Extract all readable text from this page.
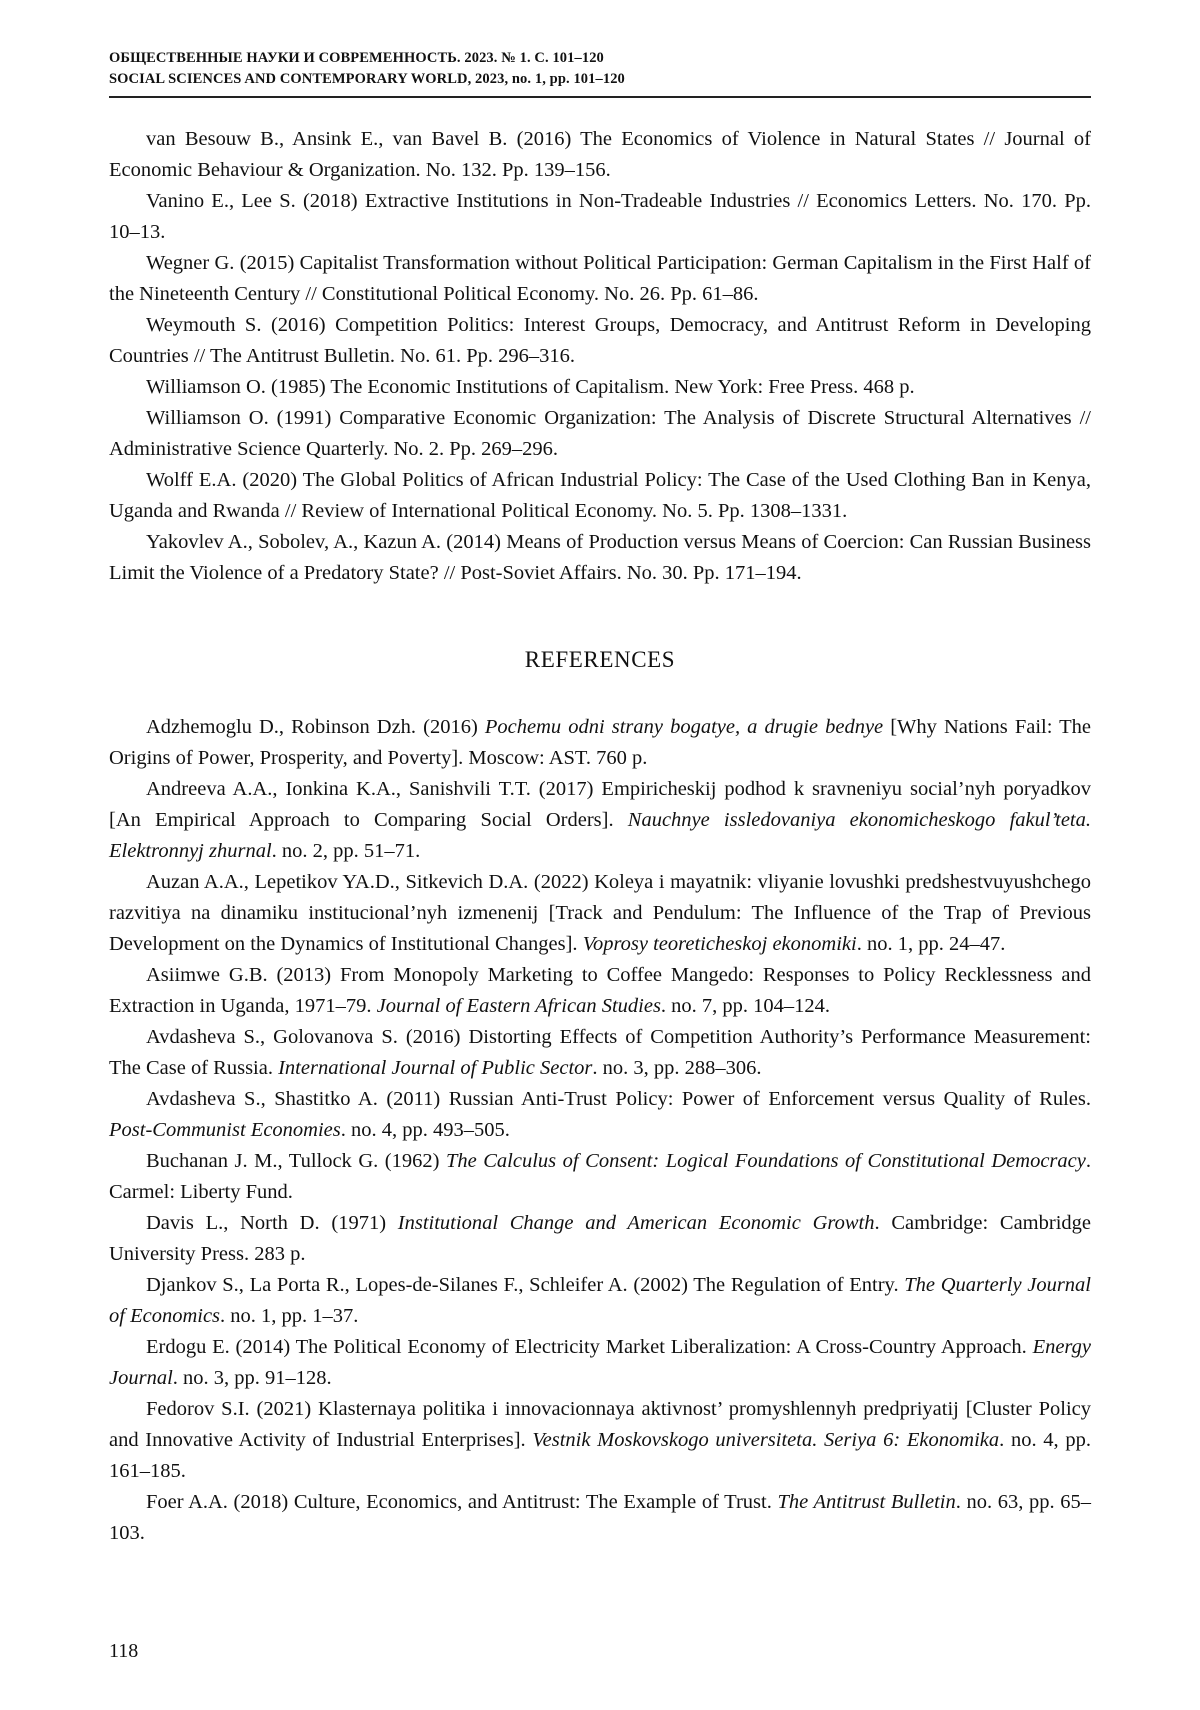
ОБЩЕСТВЕННЫЕ НАУКИ И СОВРЕМЕННОСТЬ. 2023. № 1. С. 101–120
SOCIAL SCIENCES AND CONTEMPORARY WORLD, 2023, no. 1, pp. 101–120

van Besouw B., Ansink E., van Bavel B. (2016) The Economics of Violence in Natural States // Journal of Economic Behaviour & Organization. No. 132. Pp. 139–156.

Vanino E., Lee S. (2018) Extractive Institutions in Non-Tradeable Industries // Economics Letters. No. 170. Pp. 10–13.

Wegner G. (2015) Capitalist Transformation without Political Participation: German Capitalism in the First Half of the Nineteenth Century // Constitutional Political Economy. No. 26. Pp. 61–86.

Weymouth S. (2016) Competition Politics: Interest Groups, Democracy, and Antitrust Reform in Developing Countries // The Antitrust Bulletin. No. 61. Pp. 296–316.

Williamson O. (1985) The Economic Institutions of Capitalism. New York: Free Press. 468 p.

Williamson O. (1991) Comparative Economic Organization: The Analysis of Discrete Structural Alternatives // Administrative Science Quarterly. No. 2. Pp. 269–296.

Wolff E.A. (2020) The Global Politics of African Industrial Policy: The Case of the Used Clothing Ban in Kenya, Uganda and Rwanda // Review of International Political Economy. No. 5. Pp. 1308–1331.

Yakovlev A., Sobolev, A., Kazun A. (2014) Means of Production versus Means of Coercion: Can Russian Business Limit the Violence of a Predatory State? // Post-Soviet Affairs. No. 30. Pp. 171–194.

REFERENCES

Adzhemoglu D., Robinson Dzh. (2016) Pochemu odni strany bogatye, a drugie bednye [Why Nations Fail: The Origins of Power, Prosperity, and Poverty]. Moscow: AST. 760 p.

Andreeva A.A., Ionkina K.A., Sanishvili T.T. (2017) Empiricheskij podhod k sravneniyu social’nyh poryadkov [An Empirical Approach to Comparing Social Orders]. Nauchnye issledovaniya ekonomicheskogo fakul’teta. Elektronnyj zhurnal. no. 2, pp. 51–71.

Auzan A.A., Lepetikov YA.D., Sitkevich D.A. (2022) Koleya i mayatnik: vliyanie lovushki predshestvuyushchego razvitiya na dinamiku institucional’nyh izmenenij [Track and Pendulum: The Influence of the Trap of Previous Development on the Dynamics of Institutional Changes]. Voprosy teoreticheskoj ekonomiki. no. 1, pp. 24–47.

Asiimwe G.B. (2013) From Monopoly Marketing to Coffee Mangedo: Responses to Policy Recklessness and Extraction in Uganda, 1971–79. Journal of Eastern African Studies. no. 7, pp. 104–124.

Avdasheva S., Golovanova S. (2016) Distorting Effects of Competition Authority’s Performance Measurement: The Case of Russia. International Journal of Public Sector. no. 3, pp. 288–306.

Avdasheva S., Shastitko A. (2011) Russian Anti-Trust Policy: Power of Enforcement versus Quality of Rules. Post-Communist Economies. no. 4, pp. 493–505.

Buchanan J. M., Tullock G. (1962) The Calculus of Consent: Logical Foundations of Constitutional Democracy. Carmel: Liberty Fund.

Davis L., North D. (1971) Institutional Change and American Economic Growth. Cambridge: Cambridge University Press. 283 p.

Djankov S., La Porta R., Lopes-de-Silanes F., Schleifer A. (2002) The Regulation of Entry. The Quarterly Journal of Economics. no. 1, pp. 1–37.

Erdogu E. (2014) The Political Economy of Electricity Market Liberalization: A Cross-Country Approach. Energy Journal. no. 3, pp. 91–128.

Fedorov S.I. (2021) Klasternaya politika i innovacionnaya aktivnost’ promyshlennyh predpriyatij [Cluster Policy and Innovative Activity of Industrial Enterprises]. Vestnik Moskovskogo universiteta. Seriya 6: Ekonomika. no. 4, pp. 161–185.

Foer A.A. (2018) Culture, Economics, and Antitrust: The Example of Trust. The Antitrust Bulletin. no. 63, pp. 65–103.

118
